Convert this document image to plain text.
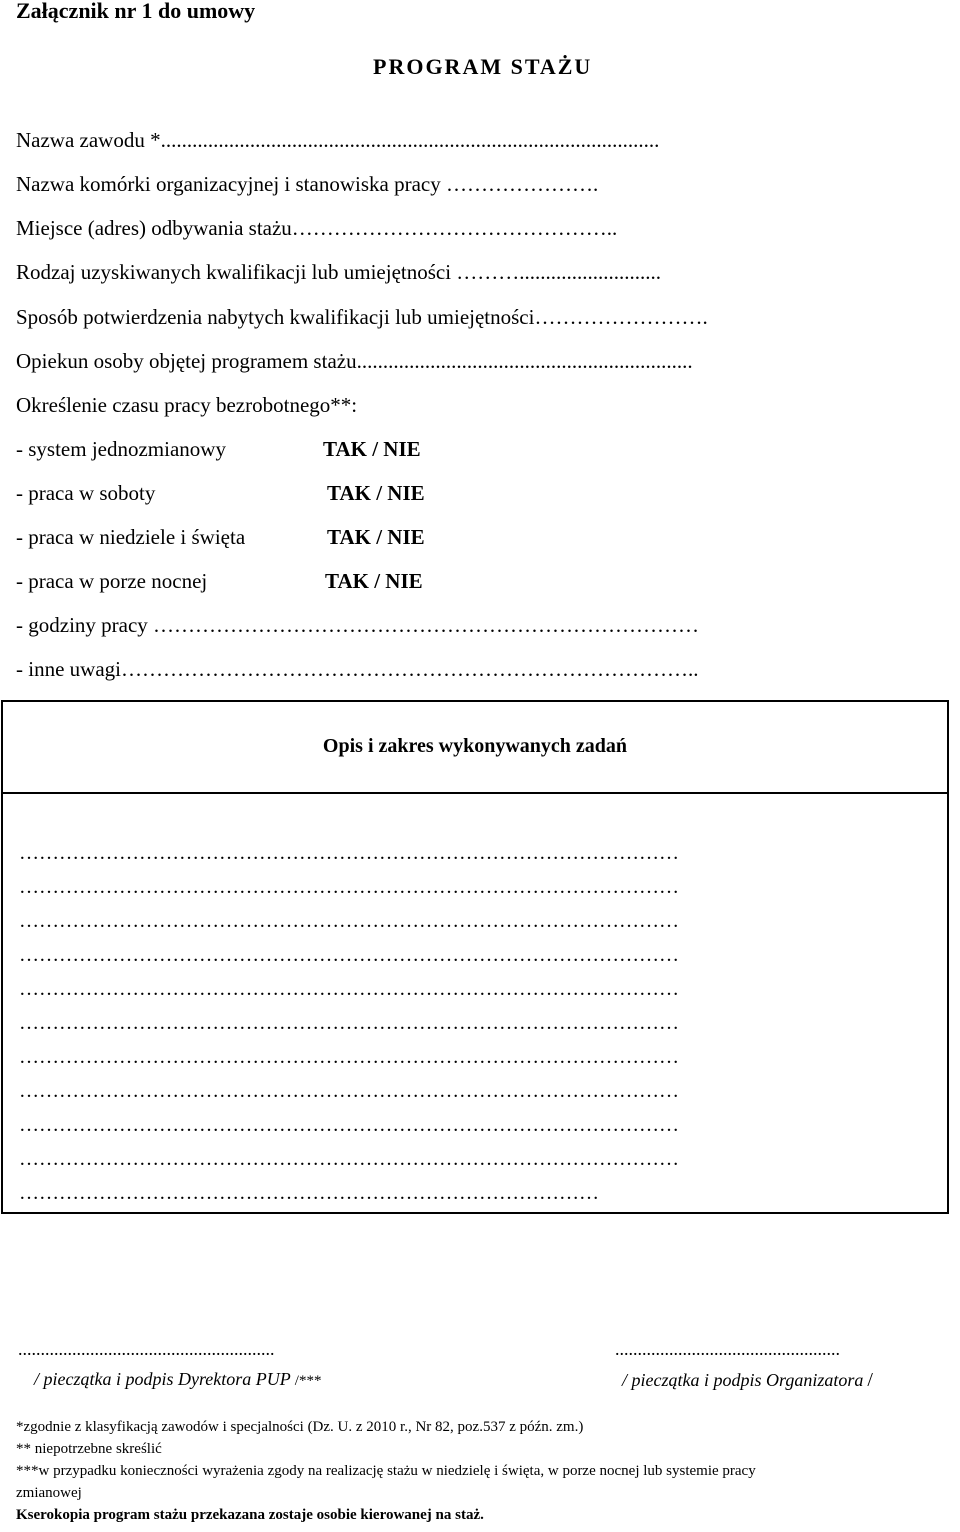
Załącznik nr 1 do umowy
PROGRAM STAŻU
Nazwa zawodu *...............................................................................................
Nazwa komórki organizacyjnej i stanowiska pracy ………………….
Miejsce (adres) odbywania stażu………………………………………..
Rodzaj uzyskiwanych kwalifikacji lub umiejętności ………...........................
Sposób potwierdzenia nabytych kwalifikacji lub umiejętności…………………….
Opiekun osoby objętej programem stażu................................................................
Określenie czasu pracy bezrobotnego**:
- system jednozmianowy	TAK / NIE
- praca w soboty	TAK / NIE
- praca w niedziele i święta	TAK / NIE
- praca w porze nocnej	TAK / NIE
- godziny pracy ……………………………………………………………………
- inne uwagi………………………………………………………………………..
Opis i zakres wykonywanych zadań
………………………………………………………………………………………
………………………………………………………………………………………
………………………………………………………………………………………
………………………………………………………………………………………
………………………………………………………………………………………
………………………………………………………………………………………
………………………………………………………………………………………
………………………………………………………………………………………
………………………………………………………………………………………
………………………………………………………………………………………
……………………………………………………………………………
.........................................................	..................................................
/ pieczątka i podpis Dyrektora PUP /***	/ pieczątka i podpis Organizatora /
*zgodnie z klasyfikacją zawodów i specjalności (Dz. U. z 2010 r., Nr 82, poz.537 z późn. zm.)
** niepotrzebne skreślić
***w przypadku konieczności wyrażenia zgody na realizację stażu w niedzielę i święta, w porze nocnej lub systemie pracy
zmianowej
Kserokopia program stażu przekazana zostaje osobie kierowanej na staż.
